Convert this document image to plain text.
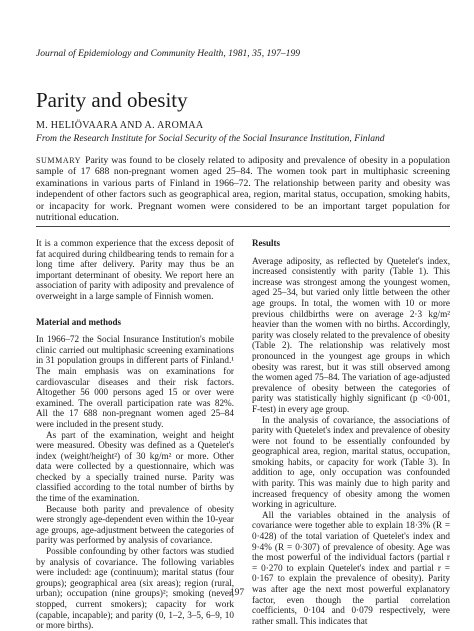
Journal of Epidemiology and Community Health, 1981, 35, 197–199
Parity and obesity
M. HELIÖVAARA AND A. AROMAA
From the Research Institute for Social Security of the Social Insurance Institution, Finland

SUMMARY Parity was found to be closely related to adiposity and prevalence of obesity in a population sample of 17 688 non-pregnant women aged 25–84. The women took part in multiphasic screening examinations in various parts of Finland in 1966–72. The relationship between parity and obesity was independent of other factors such as geographical area, region, marital status, occupation, smoking habits, or incapacity for work. Pregnant women were considered to be an important target population for nutritional education.

It is a common experience that the excess deposit of fat acquired during childbearing tends to remain for a long time after delivery. Parity may thus be an important determinant of obesity. We report here an association of parity with adiposity and prevalence of overweight in a large sample of Finnish women.

Material and methods

In 1966–72 the Social Insurance Institution's mobile clinic carried out multiphasic screening examinations in 31 population groups in different parts of Finland.¹ The main emphasis was on examinations for cardiovascular diseases and their risk factors. Altogether 56 000 persons aged 15 or over were examined. The overall participation rate was 82%. All the 17 688 non-pregnant women aged 25–84 were included in the present study.

As part of the examination, weight and height were measured. Obesity was defined as a Quetelet's index (weight/height²) of 30 kg/m² or more. Other data were collected by a questionnaire, which was checked by a specially trained nurse. Parity was classified according to the total number of births by the time of the examination.

Because both parity and prevalence of obesity were strongly age-dependent even within the 10-year age groups, age-adjustment between the categories of parity was performed by analysis of covariance.

Possible confounding by other factors was studied by analysis of covariance. The following variables were included: age (continuum); marital status (four groups); geographical area (six areas); region (rural, urban); occupation (nine groups)²; smoking (never, stopped, current smokers); capacity for work (capable, incapable); and parity (0, 1–2, 3–5, 6–9, 10 or more births).

Results

Average adiposity, as reflected by Quetelet's index, increased consistently with parity (Table 1). This increase was strongest among the youngest women, aged 25–34, but varied only little between the other age groups. In total, the women with 10 or more previous childbirths were on average 2·3 kg/m² heavier than the women with no births. Accordingly, parity was closely related to the prevalence of obesity (Table 2). The relationship was relatively most pronounced in the youngest age groups in which obesity was rarest, but it was still observed among the women aged 75–84. The variation of age-adjusted prevalence of obesity between the categories of parity was statistically highly significant (p <0·001, F-test) in every age group.

In the analysis of covariance, the associations of parity with Quetelet's index and prevalence of obesity were not found to be essentially confounded by geographical area, region, marital status, occupation, smoking habits, or capacity for work (Table 3). In addition to age, only occupation was confounded with parity. This was mainly due to high parity and increased frequency of obesity among the women working in agriculture.

All the variables obtained in the analysis of covariance were together able to explain 18·3% (R = 0·428) of the total variation of Quetelet's index and 9·4% (R = 0·307) of prevalence of obesity. Age was the most powerful of the individual factors (partial r = 0·270 to explain Quetelet's index and partial r = 0·167 to explain the prevalence of obesity). Parity was after age the next most powerful explanatory factor, even though the partial correlation coefficients, 0·104 and 0·079 respectively, were rather small. This indicates that

197
